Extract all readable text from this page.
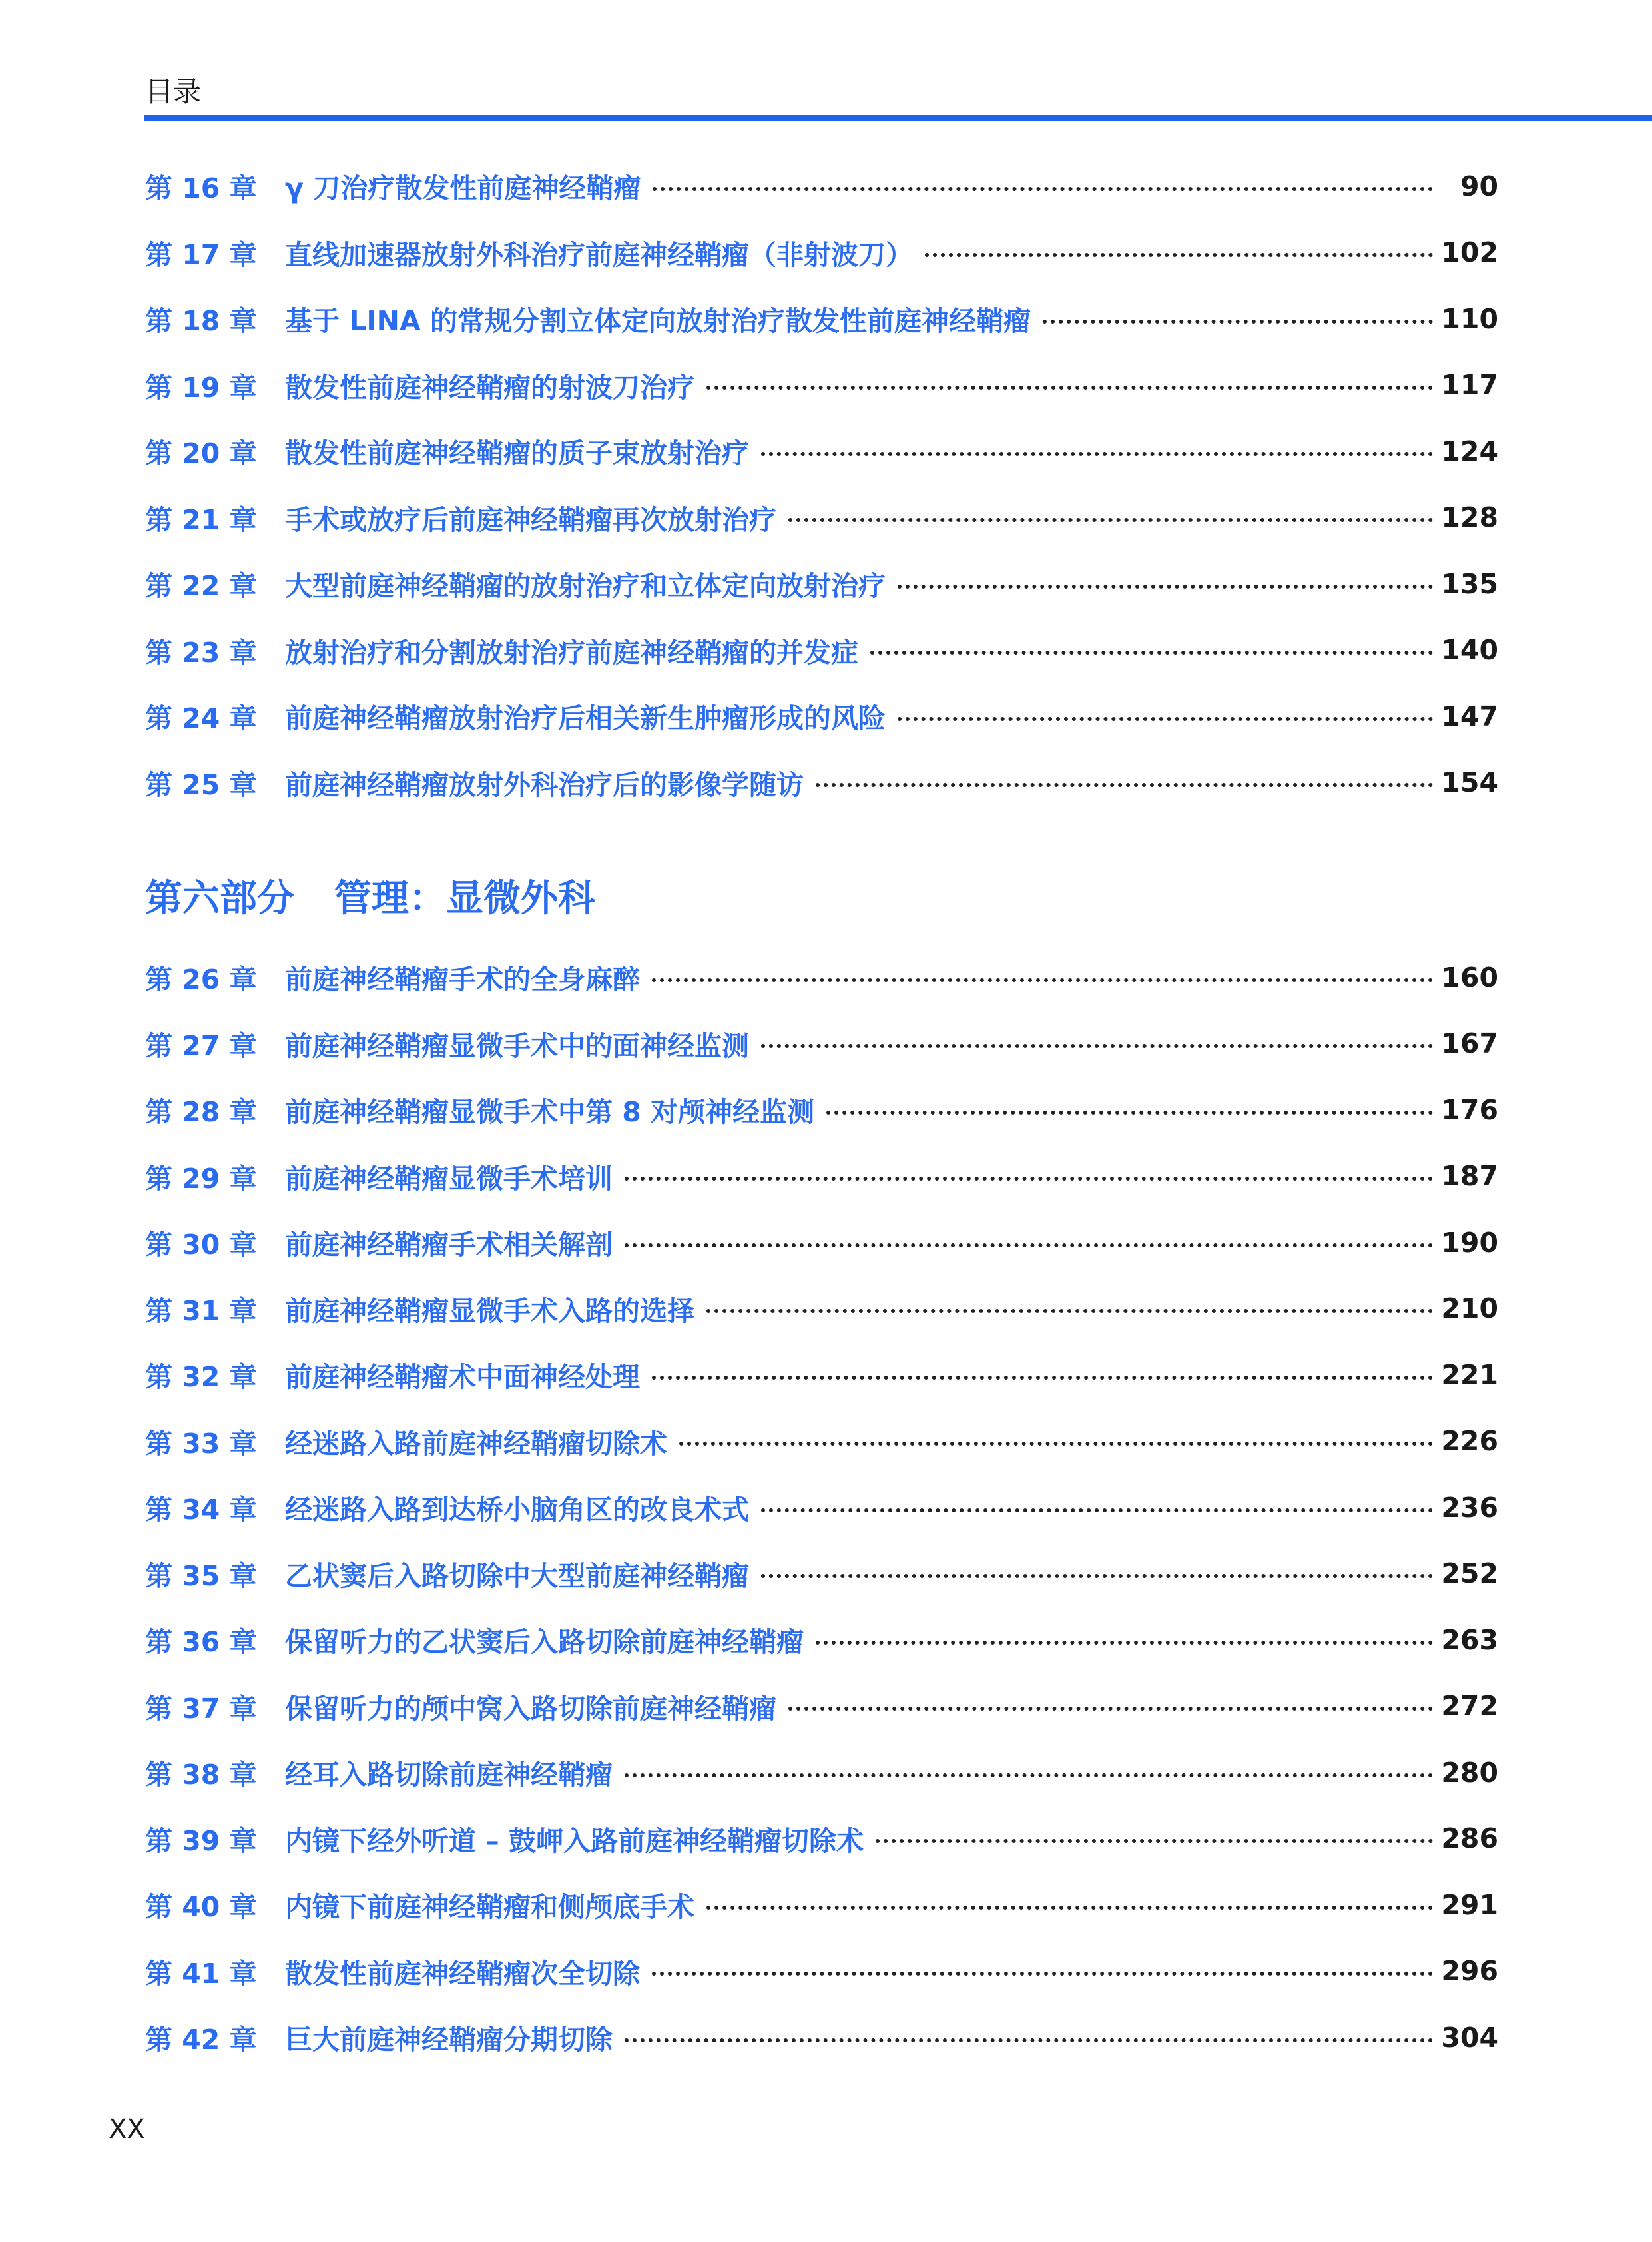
目录
第 16 章	γ 刀治疗散发性前庭神经鞘瘤	90
第 17 章	直线加速器放射外科治疗前庭神经鞘瘤（非射波刀）	102
第 18 章	基于 LINA 的常规分割立体定向放射治疗散发性前庭神经鞘瘤	110
第 19 章	散发性前庭神经鞘瘤的射波刀治疗	117
第 20 章	散发性前庭神经鞘瘤的质子束放射治疗	124
第 21 章	手术或放疗后前庭神经鞘瘤再次放射治疗	128
第 22 章	大型前庭神经鞘瘤的放射治疗和立体定向放射治疗	135
第 23 章	放射治疗和分割放射治疗前庭神经鞘瘤的并发症	140
第 24 章	前庭神经鞘瘤放射治疗后相关新生肿瘤形成的风险	147
第 25 章	前庭神经鞘瘤放射外科治疗后的影像学随访	154
第六部分 管理：显微外科
第 26 章	前庭神经鞘瘤手术的全身麻醉	160
第 27 章	前庭神经鞘瘤显微手术中的面神经监测	167
第 28 章	前庭神经鞘瘤显微手术中第 8 对颅神经监测	176
第 29 章	前庭神经鞘瘤显微手术培训	187
第 30 章	前庭神经鞘瘤手术相关解剖	190
第 31 章	前庭神经鞘瘤显微手术入路的选择	210
第 32 章	前庭神经鞘瘤术中面神经处理	221
第 33 章	经迷路入路前庭神经鞘瘤切除术	226
第 34 章	经迷路入路到达桥小脑角区的改良术式	236
第 35 章	乙状窦后入路切除中大型前庭神经鞘瘤	252
第 36 章	保留听力的乙状窦后入路切除前庭神经鞘瘤	263
第 37 章	保留听力的颅中窝入路切除前庭神经鞘瘤	272
第 38 章	经耳入路切除前庭神经鞘瘤	280
第 39 章	内镜下经外听道 – 鼓岬入路前庭神经鞘瘤切除术	286
第 40 章	内镜下前庭神经鞘瘤和侧颅底手术	291
第 41 章	散发性前庭神经鞘瘤次全切除	296
第 42 章	巨大前庭神经鞘瘤分期切除	304
XX
